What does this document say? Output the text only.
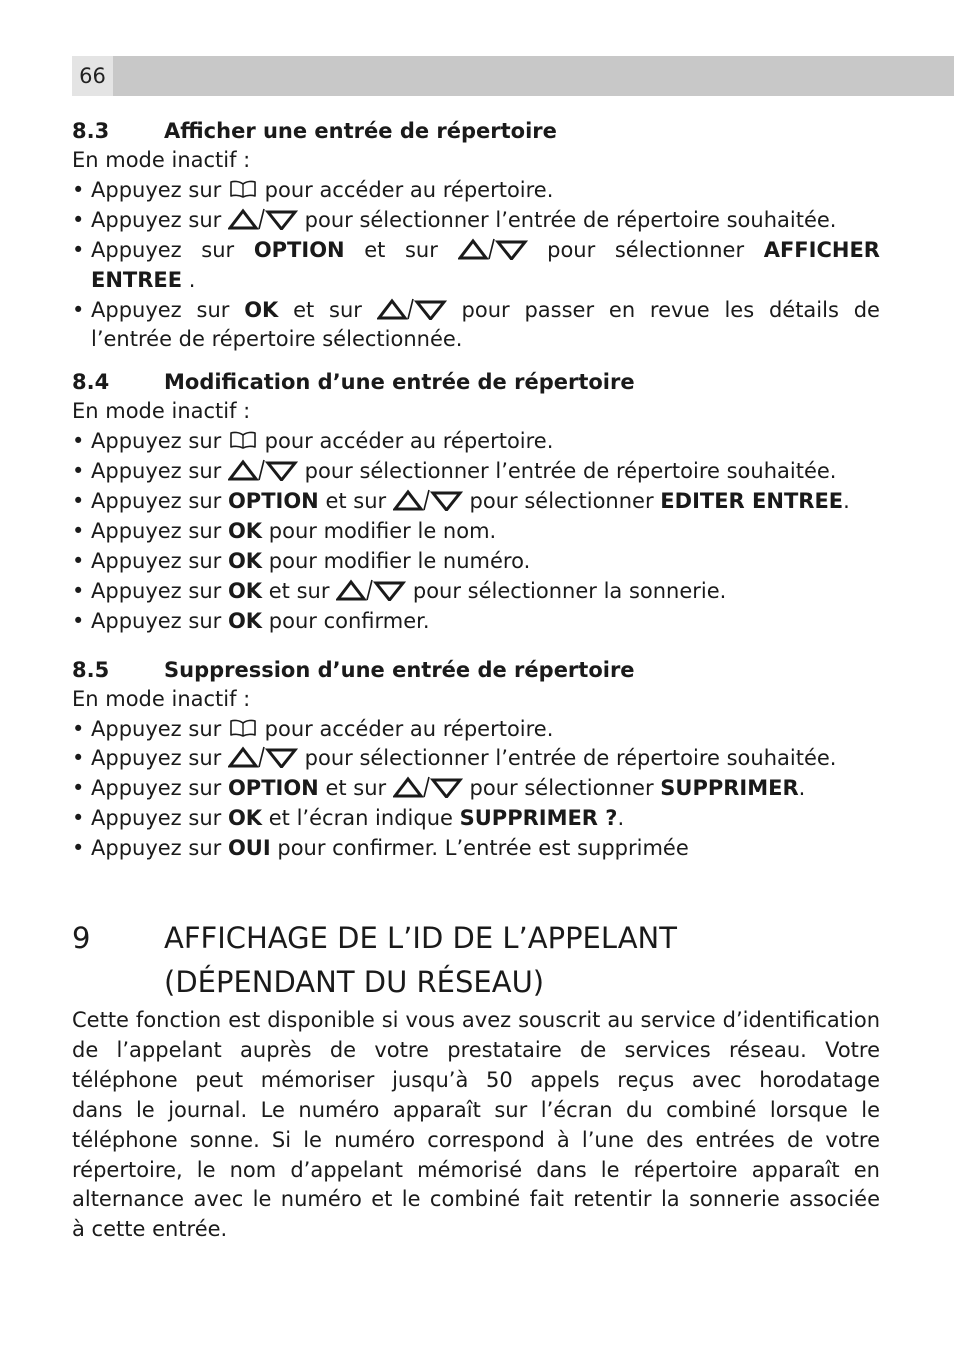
66
8.3	Afficher une entrée de répertoire
En mode inactif :
• Appuyez sur pour accéder au répertoire.
• Appuyez sur	pour sélectionner l’entrée de répertoire souhaitée.
• Appuyez sur OPTION et sur	pour sélectionner AFFICHER
ENTREE .
• Appuyez sur OK et sur	pour passer en revue les détails de
l’entrée de répertoire sélectionnée.
8.4	Modification d’une entrée de répertoire
En mode inactif :
• Appuyez sur pour accéder au répertoire.
• Appuyez sur	pour sélectionner l’entrée de répertoire souhaitée.
• Appuyez sur OPTION et sur	pour sélectionner EDITER ENTREE.
• Appuyez sur OK pour modifier le nom.
• Appuyez sur OK pour modifier le numéro.
• Appuyez sur OK et sur	pour sélectionner la sonnerie.
• Appuyez sur OK pour confirmer.
8.5	Suppression d’une entrée de répertoire
En mode inactif :
• Appuyez sur pour accéder au répertoire.
• Appuyez sur	pour sélectionner l’entrée de répertoire souhaitée.
• Appuyez sur OPTION et sur	pour sélectionner SUPPRIMER.
• Appuyez sur OK et l’écran indique SUPPRIMER ?.
• Appuyez sur OUI pour confirmer. L’entrée est supprimée
9	AFFICHAGE DE L’ID DE L’APPELANT
(DÉPENDANT DU RÉSEAU)
Cette fonction est disponible si vous avez souscrit au service d’identification
de l’appelant auprès de votre prestataire de services réseau. Votre
téléphone peut mémoriser jusqu’à 50 appels reçus avec horodatage
dans le journal. Le numéro apparaît sur l’écran du combiné lorsque le
téléphone sonne. Si le numéro correspond à l’une des entrées de votre
répertoire, le nom d’appelant mémorisé dans le répertoire apparaît en
alternance avec le numéro et le combiné fait retentir la sonnerie associée
à cette entrée.
